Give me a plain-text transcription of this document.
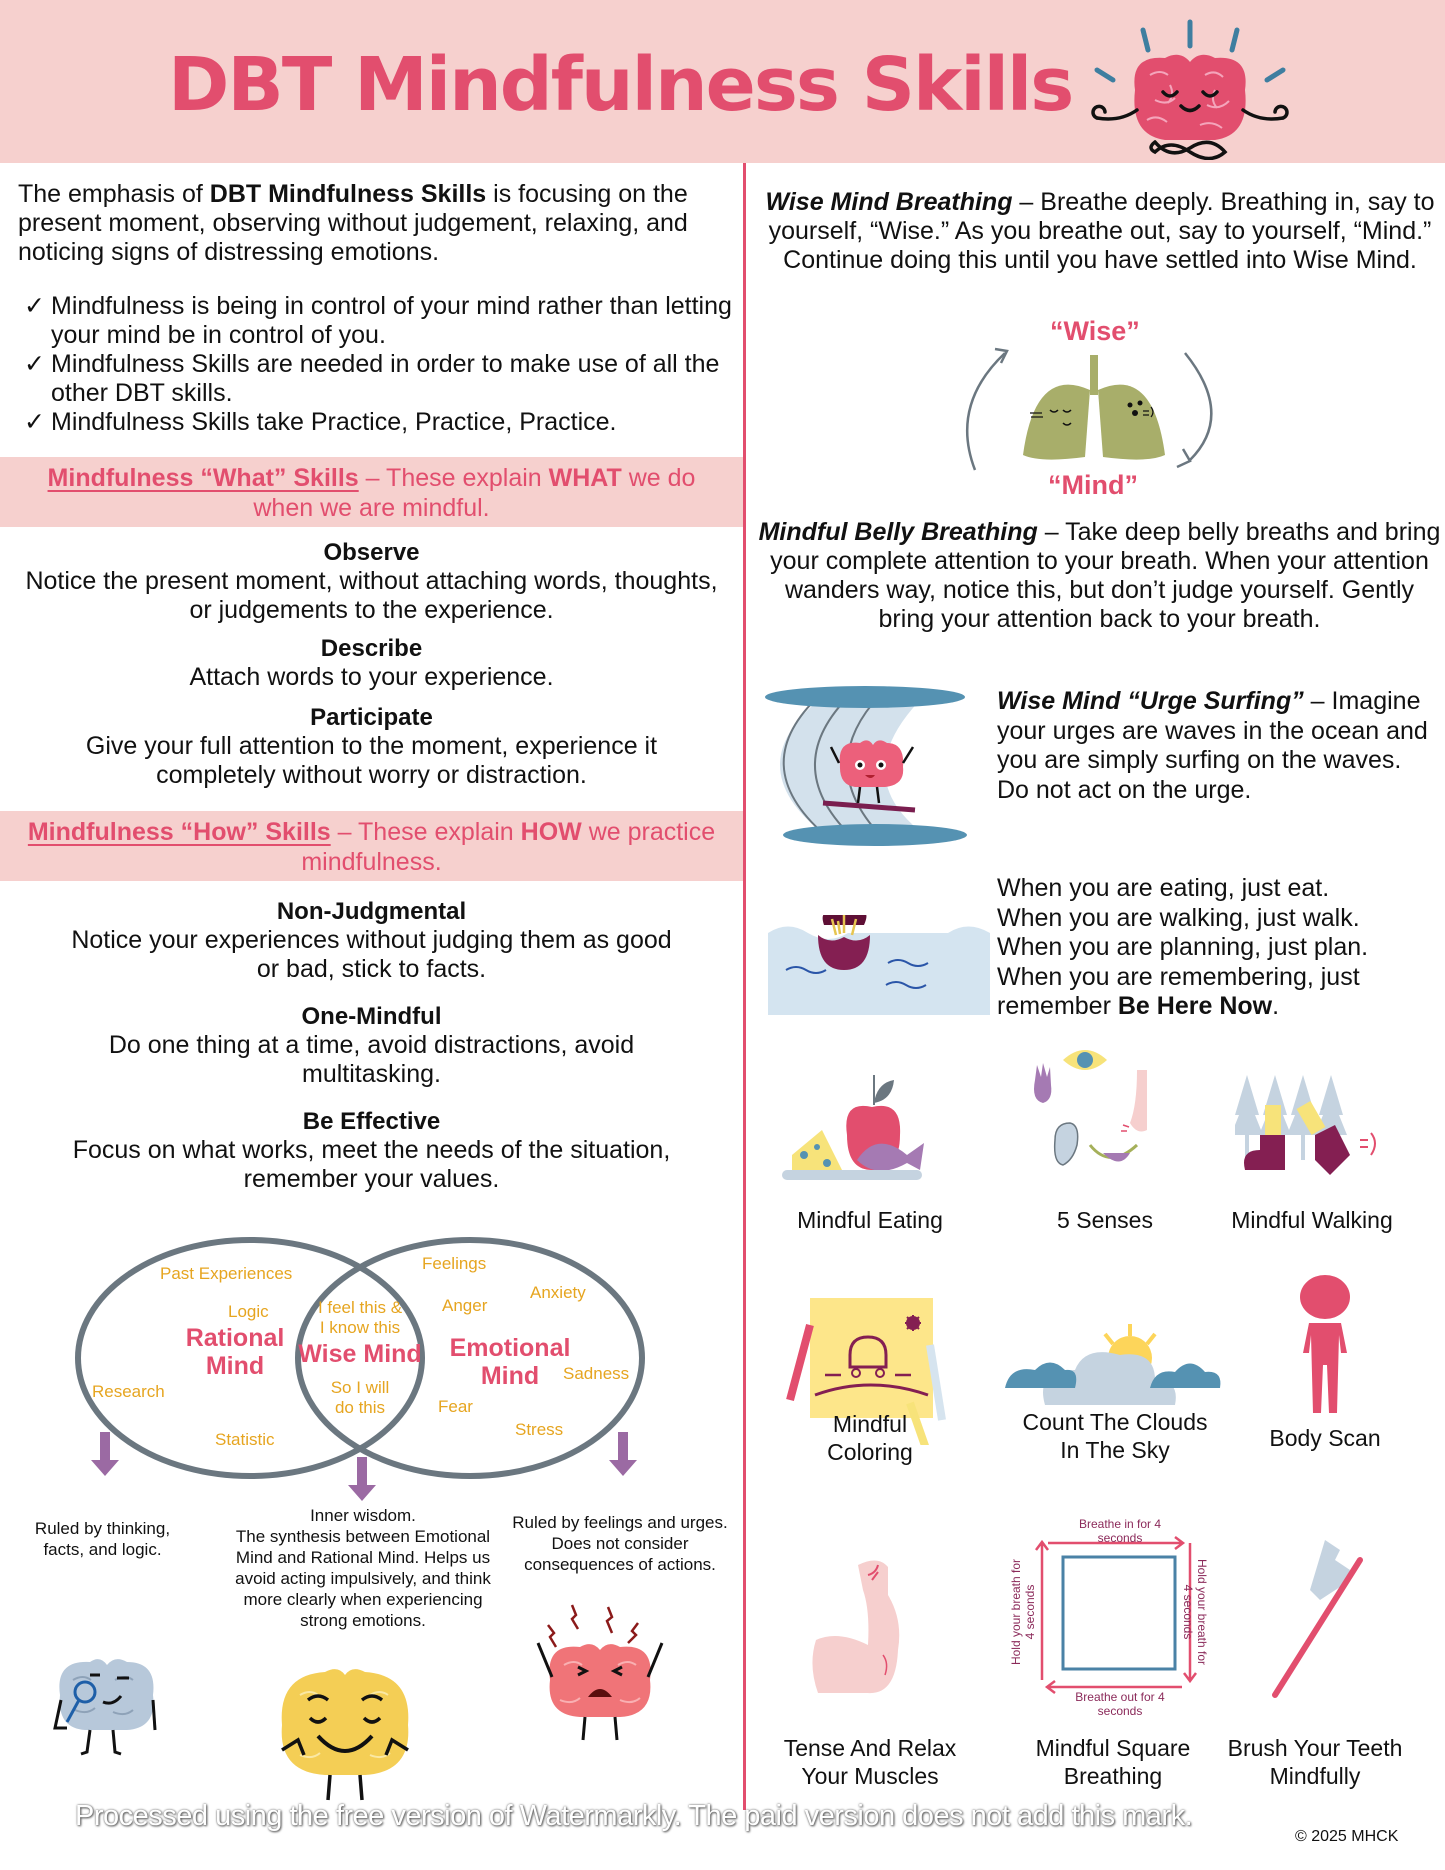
DBT Mindfulness Skills

The emphasis of DBT Mindfulness Skills is focusing on the present moment, observing without judgement, relaxing, and noticing signs of distressing emotions.

✓ Mindfulness is being in control of your mind rather than letting your mind be in control of you.
✓ Mindfulness Skills are needed in order to make use of all the other DBT skills.
✓ Mindfulness Skills take Practice, Practice, Practice.
Mindfulness “What” Skills – These explain WHAT we do when we are mindful.
Observe
Notice the present moment, without attaching words, thoughts, or judgements to the experience.
Describe
Attach words to your experience.
Participate
Give your full attention to the moment, experience it completely without worry or distraction.
Mindfulness “How” Skills – These explain HOW we practice mindfulness.
Non-Judgmental
Notice your experiences without judging them as good or bad, stick to facts.
One-Mindful
Do one thing at a time, avoid distractions, avoid multitasking.
Be Effective
Focus on what works, meet the needs of the situation, remember your values.
Past Experiences
Logic
Research
Statistic
Rational
Mind
I feel this &
I know this
Wise Mind
So I will
do this
Feelings
Anxiety
Anger
Sadness
Fear
Stress
Emotional
Mind
Ruled by thinking, facts, and logic.
Inner wisdom.
The synthesis between Emotional Mind and Rational Mind. Helps us avoid acting impulsively, and think more clearly when experiencing strong emotions.
Ruled by feelings and urges. Does not consider consequences of actions.

Wise Mind Breathing – Breathe deeply. Breathing in, say to yourself, “Wise.” As you breathe out, say to yourself, “Mind.” Continue doing this until you have settled into Wise Mind.

“Wise”
“Mind”

Mindful Belly Breathing – Take deep belly breaths and bring your complete attention to your breath. When your attention wanders way, notice this, but don’t judge yourself. Gently bring your attention back to your breath.

Wise Mind “Urge Surfing” – Imagine your urges are waves in the ocean and you are simply surfing on the waves. Do not act on the urge.

When you are eating, just eat.
When you are walking, just walk.
When you are planning, just plan.
When you are remembering, just
remember Be Here Now.
Mindful Eating	5 Senses	Mindful Walking
Mindful Coloring
Count The Clouds In The Sky	Body Scan
Breathe in for 4 seconds
Breathe out for 4 seconds
Hold your breath for 4 seconds	Hold your breath for 4 seconds
Tense And Relax Your Muscles
Mindful Square Breathing
Brush Your Teeth Mindfully
Processed using the free version of Watermarkly. The paid version does not add this mark.
© 2025 MHCK
